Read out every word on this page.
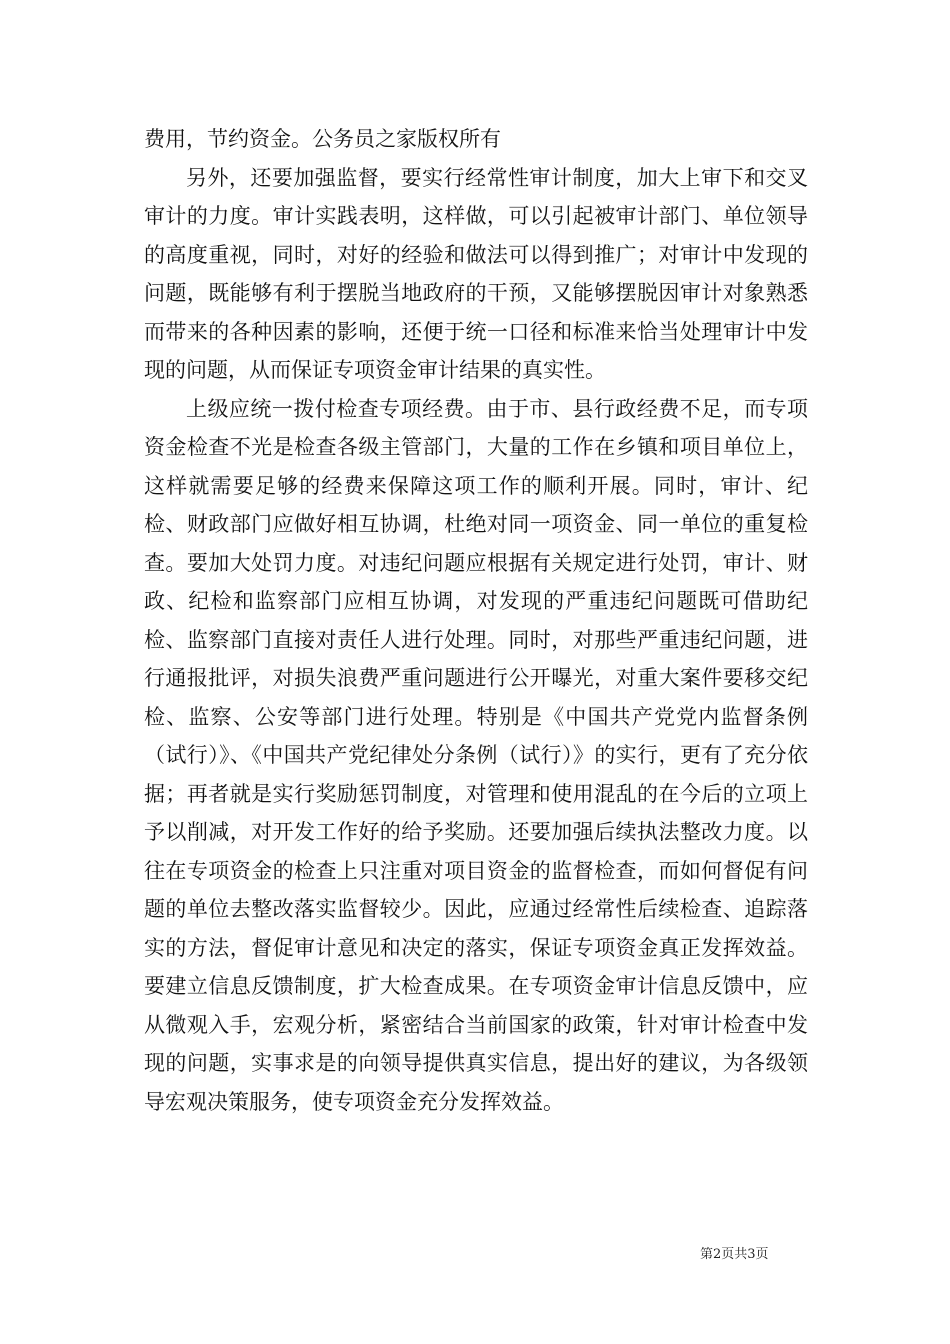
费用，节约资金。公务员之家版权所有

另外，还要加强监督，要实行经常性审计制度，加大上审下和交叉审计的力度。审计实践表明，这样做，可以引起被审计部门、单位领导的高度重视，同时，对好的经验和做法可以得到推广；对审计中发现的问题，既能够有利于摆脱当地政府的干预，又能够摆脱因审计对象熟悉而带来的各种因素的影响，还便于统一口径和标准来恰当处理审计中发现的问题，从而保证专项资金审计结果的真实性。

上级应统一拨付检查专项经费。由于市、县行政经费不足，而专项资金检查不光是检查各级主管部门，大量的工作在乡镇和项目单位上，这样就需要足够的经费来保障这项工作的顺利开展。同时，审计、纪检、财政部门应做好相互协调，杜绝对同一项资金、同一单位的重复检查。要加大处罚力度。对违纪问题应根据有关规定进行处罚，审计、财政、纪检和监察部门应相互协调，对发现的严重违纪问题既可借助纪检、监察部门直接对责任人进行处理。同时，对那些严重违纪问题，进行通报批评，对损失浪费严重问题进行公开曝光，对重大案件要移交纪检、监察、公安等部门进行处理。特别是《中国共产党党内监督条例（试行）》、《中国共产党纪律处分条例（试行）》的实行，更有了充分依据；再者就是实行奖励惩罚制度，对管理和使用混乱的在今后的立项上予以削减，对开发工作好的给予奖励。还要加强后续执法整改力度。以往在专项资金的检查上只注重对项目资金的监督检查，而如何督促有问题的单位去整改落实监督较少。因此，应通过经常性后续检查、追踪落实的方法，督促审计意见和决定的落实，保证专项资金真正发挥效益。要建立信息反馈制度，扩大检查成果。在专项资金审计信息反馈中，应从微观入手，宏观分析，紧密结合当前国家的政策，针对审计检查中发现的问题，实事求是的向领导提供真实信息，提出好的建议，为各级领导宏观决策服务，使专项资金充分发挥效益。

第2页共3页
